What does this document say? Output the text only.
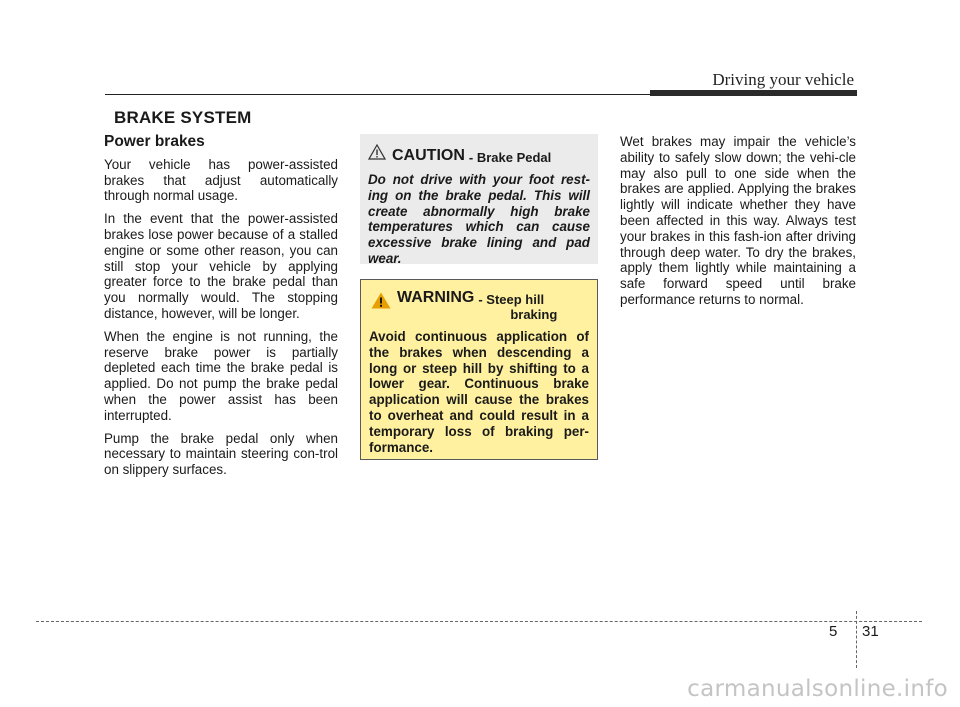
Driving your vehicle
BRAKE SYSTEM
Power brakes

Your vehicle has power-assisted brakes that adjust automatically through normal usage.

In the event that the power-assisted brakes lose power because of a stalled engine or some other reason, you can still stop your vehicle by applying greater force to the brake pedal than you normally would. The stopping distance, however, will be longer.

When the engine is not running, the reserve brake power is partially depleted each time the brake pedal is applied. Do not pump the brake pedal when the power assist has been interrupted.

Pump the brake pedal only when necessary to maintain steering con-trol on slippery surfaces.

CAUTION - Brake Pedal
Do not drive with your foot rest-ing on the brake pedal. This will create abnormally high brake temperatures which can cause excessive brake lining and pad wear.
WARNING - Steep hill
braking
Avoid continuous application of the brakes when descending a long or steep hill by shifting to a lower gear. Continuous brake application will cause the brakes to overheat and could result in a temporary loss of braking per-formance.

Wet brakes may impair the vehicle’s ability to safely slow down; the vehi-cle may also pull to one side when the brakes are applied. Applying the brakes lightly will indicate whether they have been affected in this way. Always test your brakes in this fash-ion after driving through deep water. To dry the brakes, apply them lightly while maintaining a safe forward speed until brake performance returns to normal.

5 31
carmanualsonline.info
